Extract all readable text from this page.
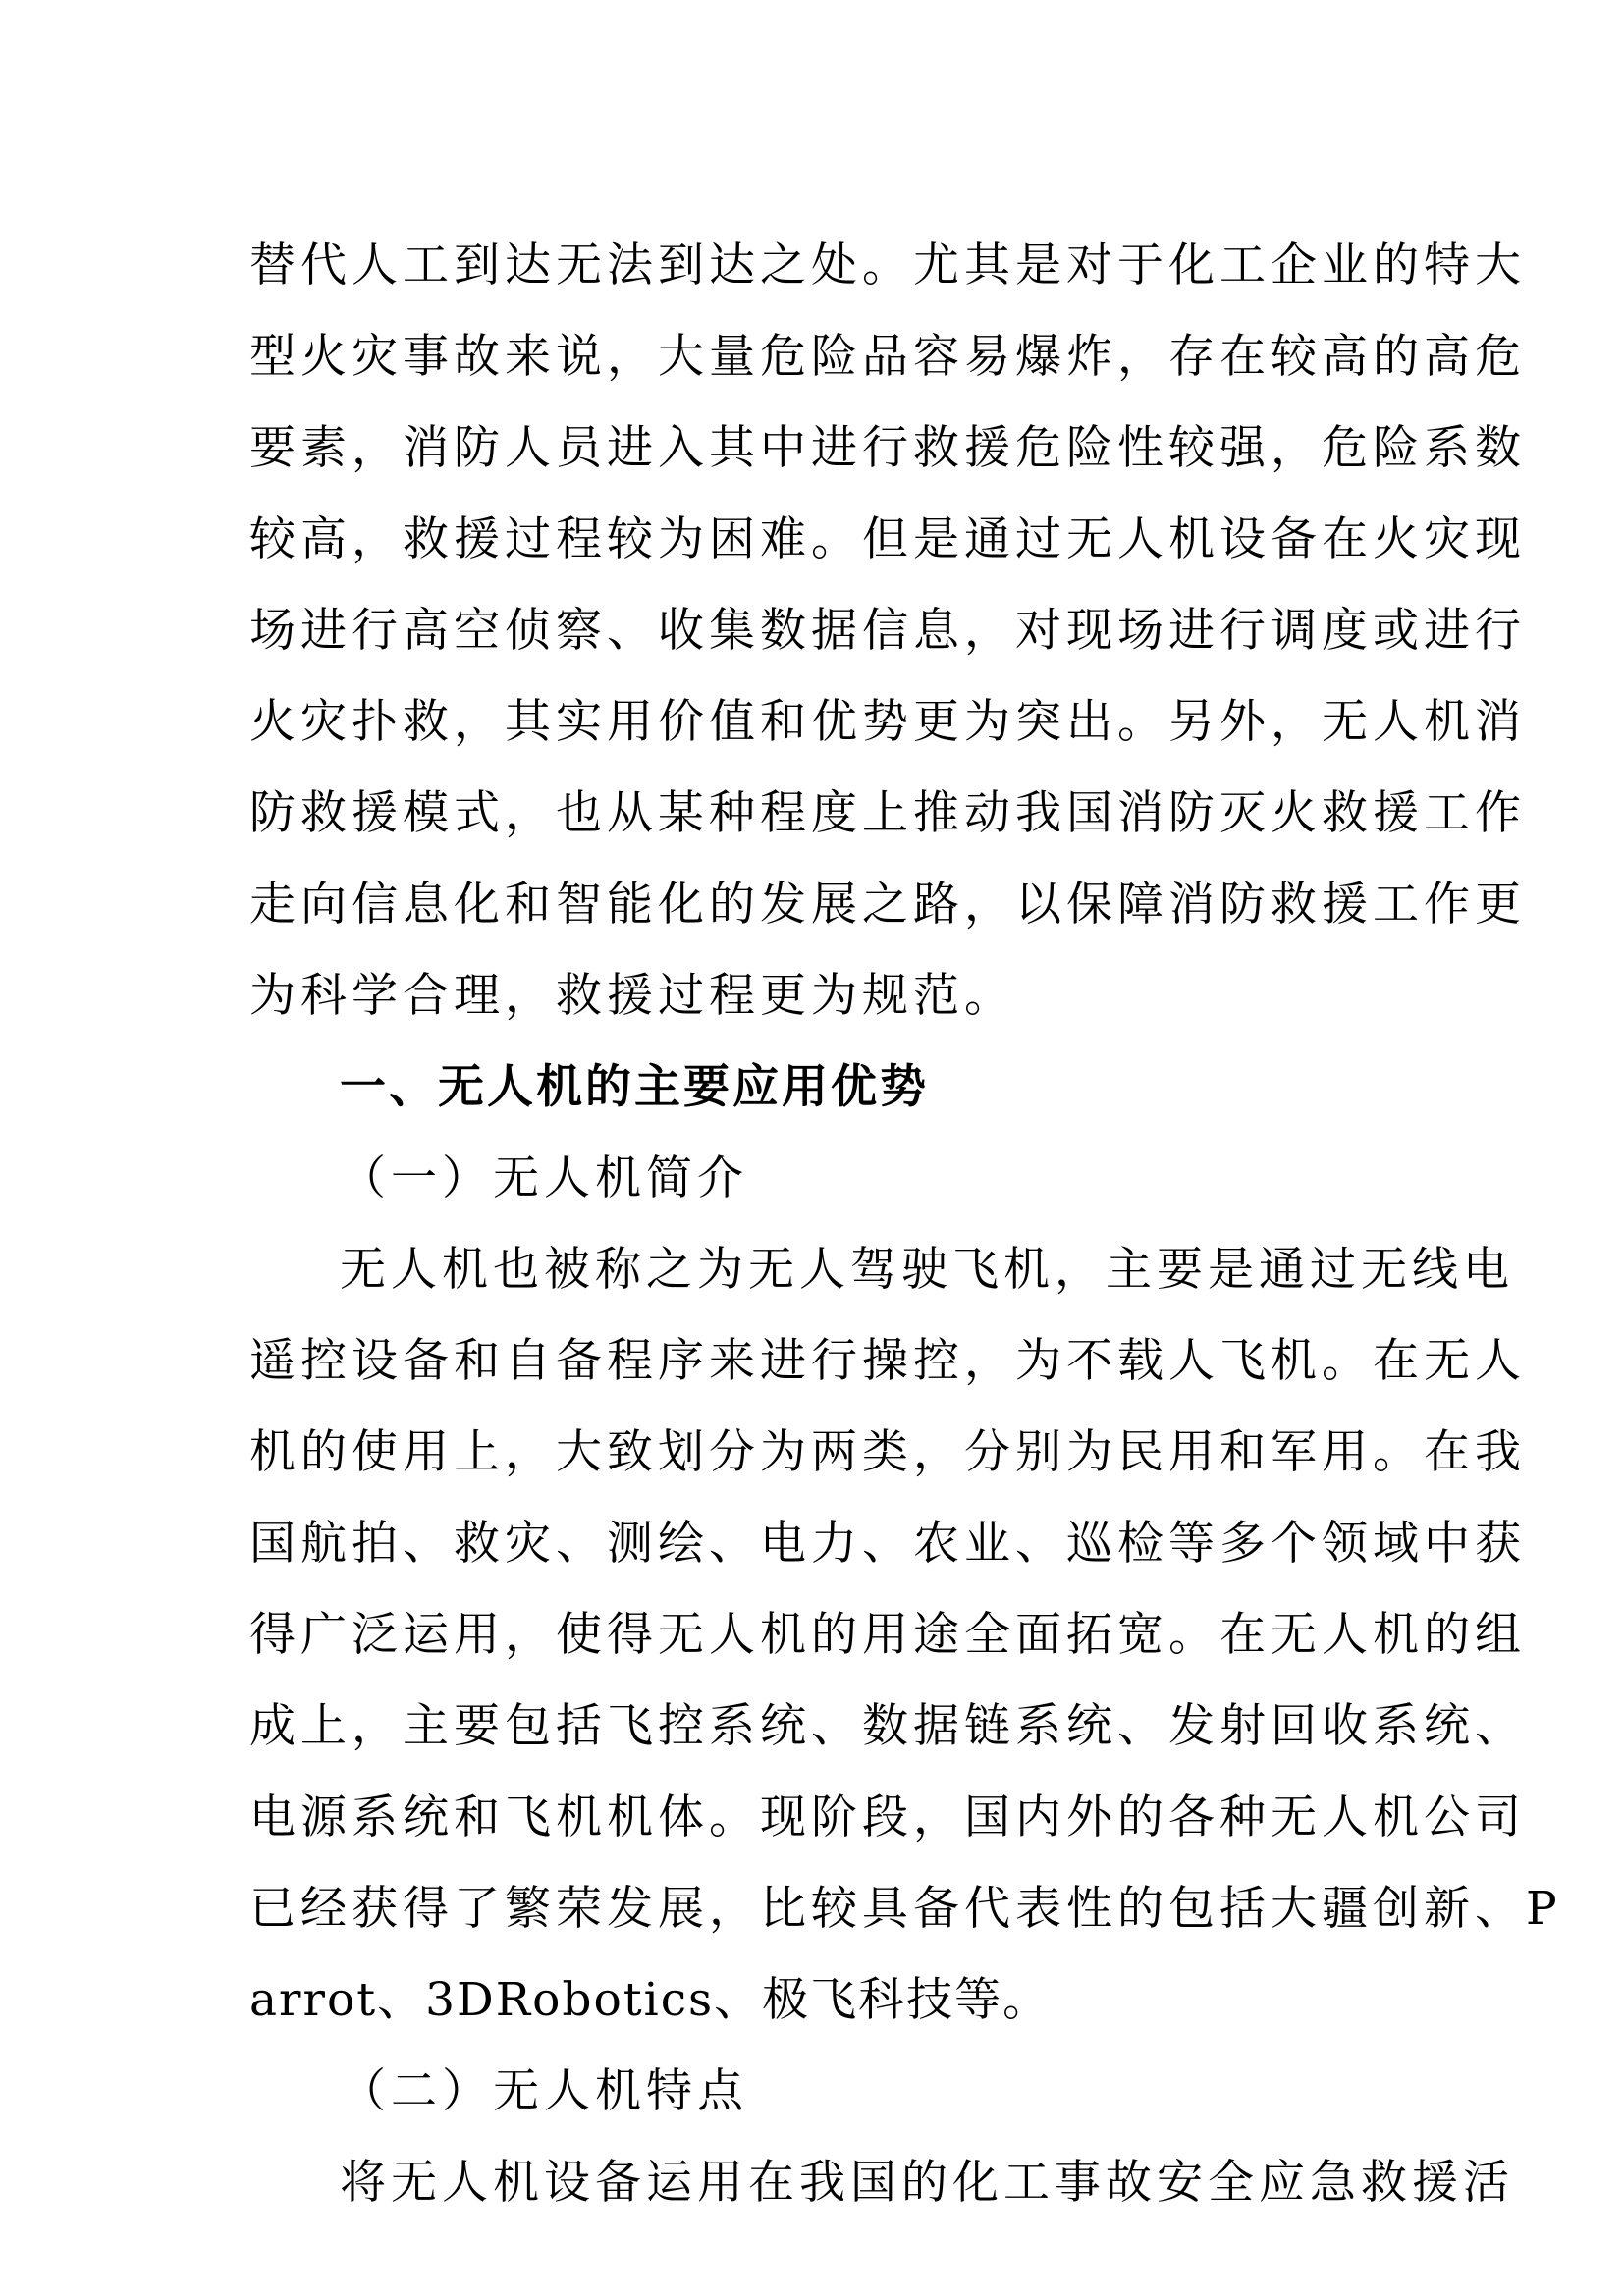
替代人工到达无法到达之处。尤其是对于化工企业的特大
型火灾事故来说，大量危险品容易爆炸，存在较高的高危
要素，消防人员进入其中进行救援危险性较强，危险系数
较高，救援过程较为困难。但是通过无人机设备在火灾现
场进行高空侦察、收集数据信息，对现场进行调度或进行
火灾扑救，其实用价值和优势更为突出。另外，无人机消
防救援模式，也从某种程度上推动我国消防灭火救援工作
走向信息化和智能化的发展之路，以保障消防救援工作更
为科学合理，救援过程更为规范。
一、无人机的主要应用优势
（一）无人机简介
无人机也被称之为无人驾驶飞机，主要是通过无线电
遥控设备和自备程序来进行操控，为不载人飞机。在无人
机的使用上，大致划分为两类，分别为民用和军用。在我
国航拍、救灾、测绘、电力、农业、巡检等多个领域中获
得广泛运用，使得无人机的用途全面拓宽。在无人机的组
成上，主要包括飞控系统、数据链系统、发射回收系统、
电源系统和飞机机体。现阶段，国内外的各种无人机公司
已经获得了繁荣发展，比较具备代表性的包括大疆创新、P
arrot、3DRobotics、极飞科技等。
（二）无人机特点
将无人机设备运用在我国的化工事故安全应急救援活
